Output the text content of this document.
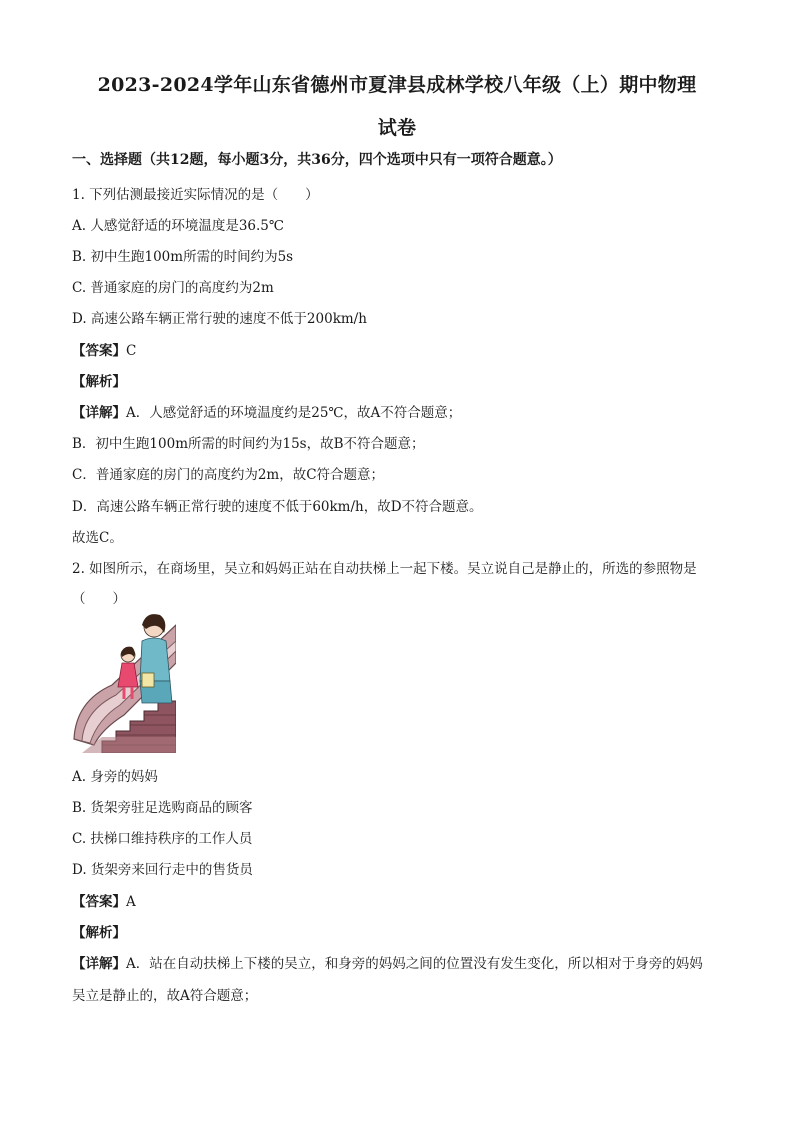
2023-2024学年山东省德州市夏津县成林学校八年级（上）期中物理
试卷
一、选择题（共12题，每小题3分，共36分，四个选项中只有一项符合题意。）
1. 下列估测最接近实际情况的是（　　）
A. 人感觉舒适的环境温度是36.5℃
B. 初中生跑100m所需的时间约为5s
C. 普通家庭的房门的高度约为2m
D. 高速公路车辆正常行驶的速度不低于200km/h
【答案】C
【解析】
【详解】A．人感觉舒适的环境温度约是25℃，故A不符合题意；
B．初中生跑100m所需的时间约为15s，故B不符合题意；
C．普通家庭的房门的高度约为2m，故C符合题意；
D．高速公路车辆正常行驶的速度不低于60km/h，故D不符合题意。
故选C。
2. 如图所示，在商场里，吴立和妈妈正站在自动扶梯上一起下楼。吴立说自己是静止的，所选的参照物是
（　　）
A. 身旁的妈妈
B. 货架旁驻足选购商品的顾客
C. 扶梯口维持秩序的工作人员
D. 货架旁来回行走中的售货员
【答案】A
【解析】
【详解】A．站在自动扶梯上下楼的吴立，和身旁的妈妈之间的位置没有发生变化，所以相对于身旁的妈妈
吴立是静止的，故A符合题意；
